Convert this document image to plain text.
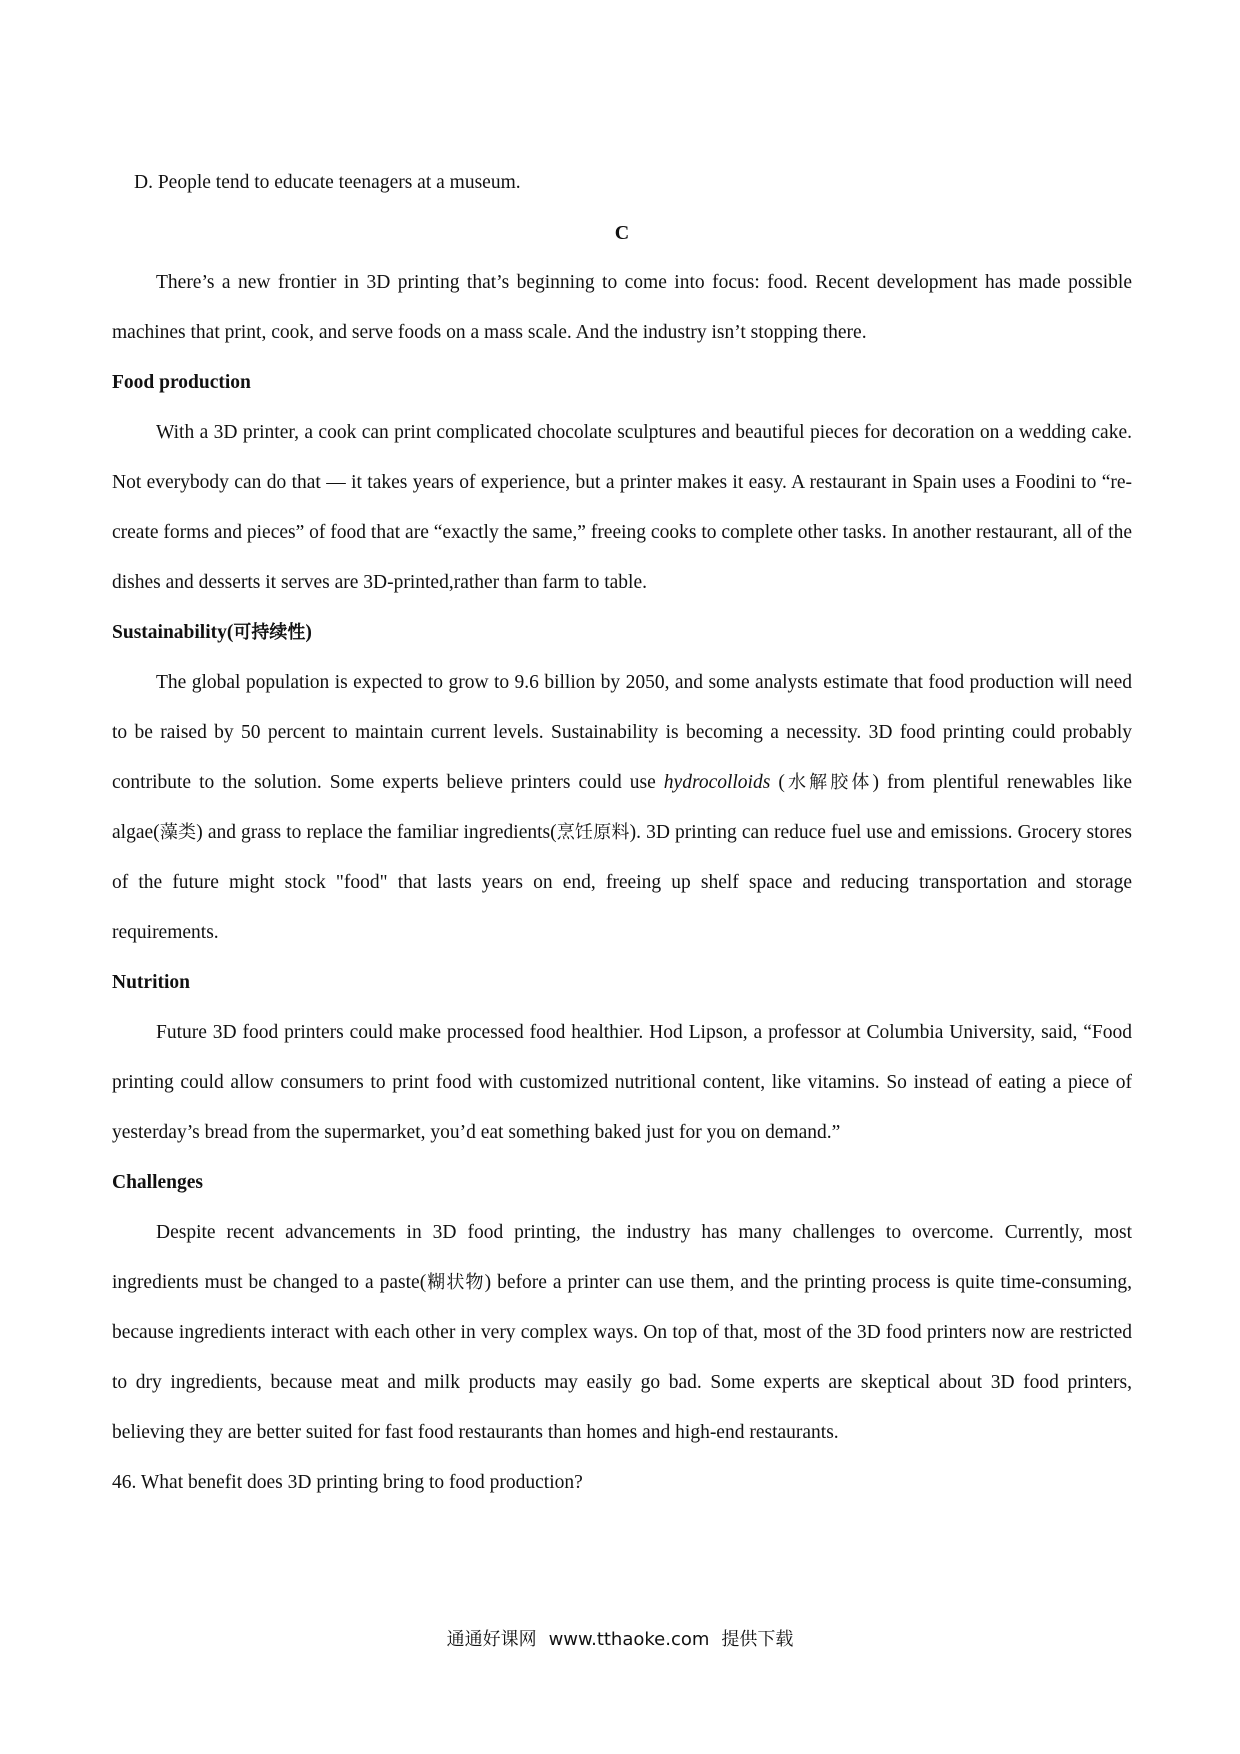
D. People tend to educate teenagers at a museum.

C

There’s a new frontier in 3D printing that’s beginning to come into focus: food. Recent development has made possible machines that print, cook, and serve foods on a mass scale. And the industry isn’t stopping there.

Food production

With a 3D printer, a cook can print complicated chocolate sculptures and beautiful pieces for decoration on a wedding cake. Not everybody can do that — it takes years of experience, but a printer makes it easy. A restaurant in Spain uses a Foodini to “re-create forms and pieces” of food that are “exactly the same,” freeing cooks to complete other tasks. In another restaurant, all of the dishes and desserts it serves are 3D-printed,rather than farm to table.

Sustainability(可持续性)

The global population is expected to grow to 9.6 billion by 2050, and some analysts estimate that food production will need to be raised by 50 percent to maintain current levels. Sustainability is becoming a necessity. 3D food printing could probably contribute to the solution. Some experts believe printers could use hydrocolloids (水解胶体) from plentiful renewables like algae(藻类) and grass to replace the familiar ingredients(烹饪原料). 3D printing can reduce fuel use and emissions. Grocery stores of the future might stock "food" that lasts years on end, freeing up shelf space and reducing transportation and storage requirements.

Nutrition

Future 3D food printers could make processed food healthier. Hod Lipson, a professor at Columbia University, said, “Food printing could allow consumers to print food with customized nutritional content, like vitamins. So instead of eating a piece of yesterday’s bread from the supermarket, you’d eat something baked just for you on demand.”

Challenges

Despite recent advancements in 3D food printing, the industry has many challenges to overcome. Currently, most ingredients must be changed to a paste(糊状物) before a printer can use them, and the printing process is quite time-consuming, because ingredients interact with each other in very complex ways. On top of that, most of the 3D food printers now are restricted to dry ingredients, because meat and milk products may easily go bad. Some experts are skeptical about 3D food printers, believing they are better suited for fast food restaurants than homes and high-end restaurants.

46. What benefit does 3D printing bring to food production?

通通好课网 www.tthaoke.com 提供下载
